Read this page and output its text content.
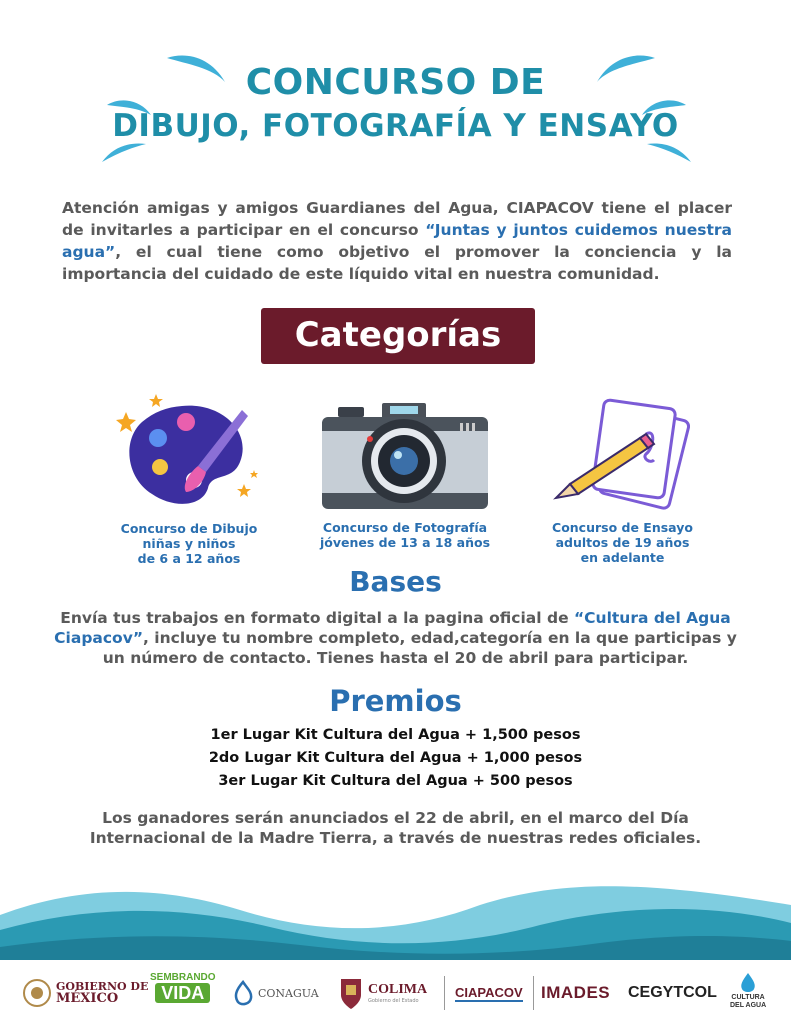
CONCURSO DE
DIBUJO, FOTOGRAFÍA Y ENSAYO
Atención amigas y amigos Guardianes del Agua, CIAPACOV tiene el placer de invitarles a participar en el concurso “Juntas y juntos cuidemos nuestra agua”, el cual tiene como objetivo el promover la conciencia y la importancia del cuidado de este líquido vital en nuestra comunidad.
Categorías
Concurso de Dibujo
niñas y niños
de 6 a 12 años
Concurso de Fotografía
jóvenes de 13 a 18 años
Concurso de Ensayo
adultos de 19 años
en adelante
Bases
Envía tus trabajos en formato digital a la pagina oficial de “Cultura del Agua Ciapacov”, incluye tu nombre completo, edad,categoría en la que participas y un número de contacto. Tienes hasta el 20 de abril para participar.
Premios
1er Lugar Kit Cultura del Agua + 1,500 pesos
2do Lugar Kit Cultura del Agua + 1,000 pesos
3er Lugar Kit Cultura del Agua + 500 pesos
Los ganadores serán anunciados el 22 de abril, en el marco del Día Internacional de la Madre Tierra, a través de nuestras redes oficiales.
GOBIERNO DE
MÉXICO
SEMBRANDO
VIDA	CONAGUA	COLIMA
Gobierno del Estado
CIAPACOV IMADES CEGYTCOL CULTURA
DEL AGUA
